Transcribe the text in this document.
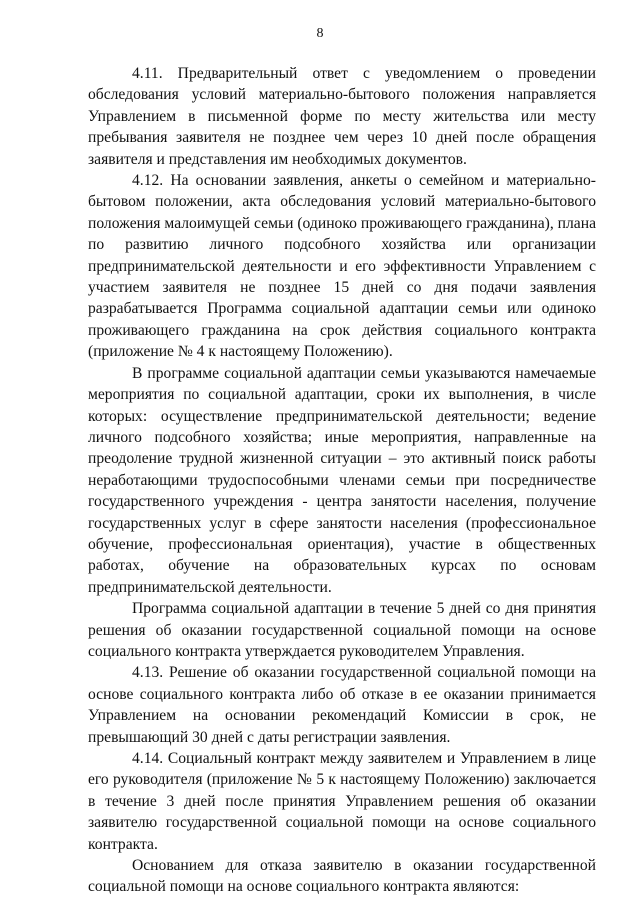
8

4.11. Предварительный ответ с уведомлением о проведении обследования условий материально-бытового положения направляется Управлением в письменной форме по месту жительства или месту пребывания заявителя не позднее чем через 10 дней после обращения заявителя и представления им необходимых документов.

4.12. На основании заявления, анкеты о семейном и материально-бытовом положении, акта обследования условий материально-бытового положения малоимущей семьи (одиноко проживающего гражданина), плана по развитию личного подсобного хозяйства или организации предпринимательской деятельности и его эффективности Управлением с участием заявителя не позднее 15 дней со дня подачи заявления разрабатывается Программа социальной адаптации семьи или одиноко проживающего гражданина на срок действия социального контракта (приложение № 4 к настоящему Положению).

В программе социальной адаптации семьи указываются намечаемые мероприятия по социальной адаптации, сроки их выполнения, в числе которых: осуществление предпринимательской деятельности; ведение личного подсобного хозяйства; иные мероприятия, направленные на преодоление трудной жизненной ситуации – это активный поиск работы неработающими трудоспособными членами семьи при посредничестве государственного учреждения - центра занятости населения, получение государственных услуг в сфере занятости населения (профессиональное обучение, профессиональная ориентация), участие в общественных работах, обучение на образовательных курсах по основам предпринимательской деятельности.

Программа социальной адаптации в течение 5 дней со дня принятия решения об оказании государственной социальной помощи на основе социального контракта утверждается руководителем Управления.

4.13. Решение об оказании государственной социальной помощи на основе социального контракта либо об отказе в ее оказании принимается Управлением на основании рекомендаций Комиссии в срок, не превышающий 30 дней с даты регистрации заявления.

4.14. Социальный контракт между заявителем и Управлением в лице его руководителя (приложение № 5 к настоящему Положению) заключается в течение 3 дней после принятия Управлением решения об оказании заявителю государственной социальной помощи на основе социального контракта.

Основанием для отказа заявителю в оказании государственной социальной помощи на основе социального контракта являются:
